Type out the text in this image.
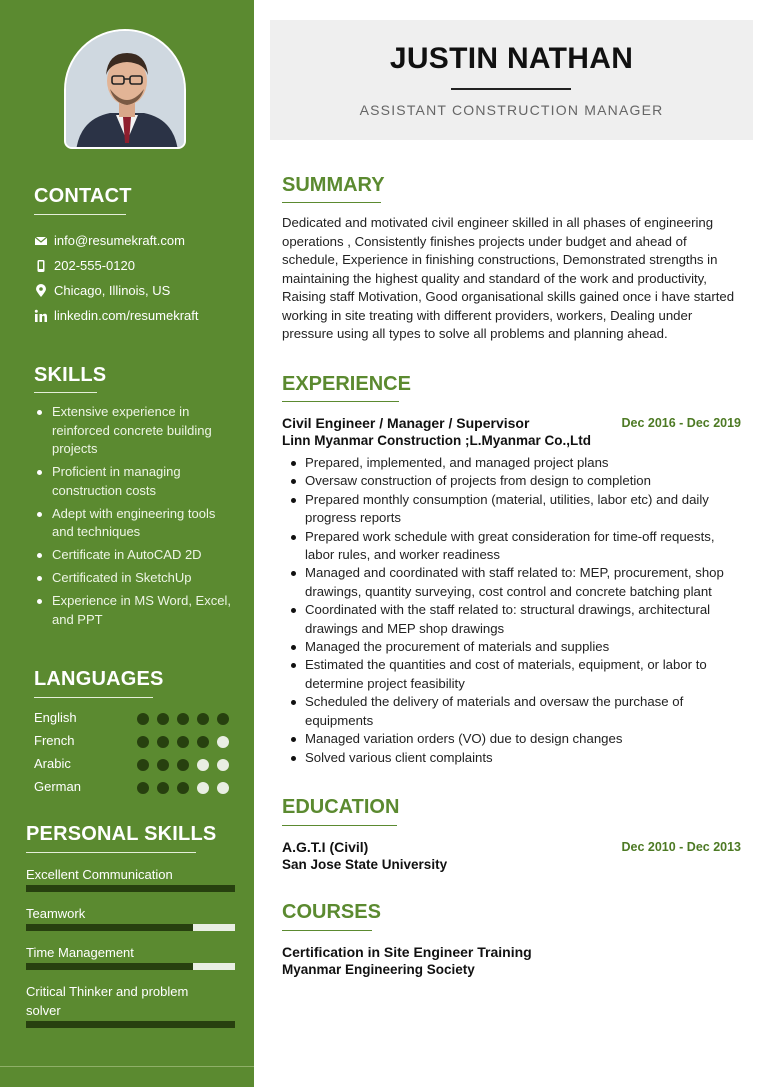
CONTACT
info@resumekraft.com
202-555-0120
Chicago, Illinois, US
linkedin.com/resumekraft
SKILLS
Extensive experience in reinforced concrete building projects
Proficient in managing construction costs
Adept with engineering tools and techniques
Certificate in AutoCAD 2D
Certificated in SketchUp
Experience in MS Word, Excel, and PPT
LANGUAGES
English
French
Arabic
German
PERSONAL SKILLS
Excellent Communication
Teamwork
Time Management
Critical Thinker and problem solver
JUSTIN NATHAN
ASSISTANT CONSTRUCTION MANAGER
SUMMARY
Dedicated and motivated civil engineer skilled in all phases of engineering operations , Consistently finishes projects under budget and ahead of schedule, Experience in finishing constructions, Demonstrated strengths in maintaining the highest quality and standard of the work and productivity, Raising staff Motivation, Good organisational skills gained once i have started working in site treating with different providers, workers, Dealing under pressure using all types to solve all problems and planning ahead.
EXPERIENCE
Civil Engineer / Manager / Supervisor	Dec 2016 - Dec 2019
Linn Myanmar Construction ;L.Myanmar Co.,Ltd
Prepared, implemented, and managed project plans
Oversaw construction of projects from design to completion
Prepared monthly consumption (material, utilities, labor etc) and daily progress reports
Prepared work schedule with great consideration for time-off requests, labor rules, and worker readiness
Managed and coordinated with staff related to: MEP, procurement, shop drawings, quantity surveying, cost control and concrete batching plant
Coordinated with the staff related to: structural drawings, architectural drawings and MEP shop drawings
Managed the procurement of materials and supplies
Estimated the quantities and cost of materials, equipment, or labor to determine project feasibility
Scheduled the delivery of materials and oversaw the purchase of equipments
Managed variation orders (VO) due to design changes
Solved various client complaints
EDUCATION
A.G.T.I (Civil)	Dec 2010 - Dec 2013
San Jose State University
COURSES
Certification in Site Engineer Training
Myanmar Engineering Society
